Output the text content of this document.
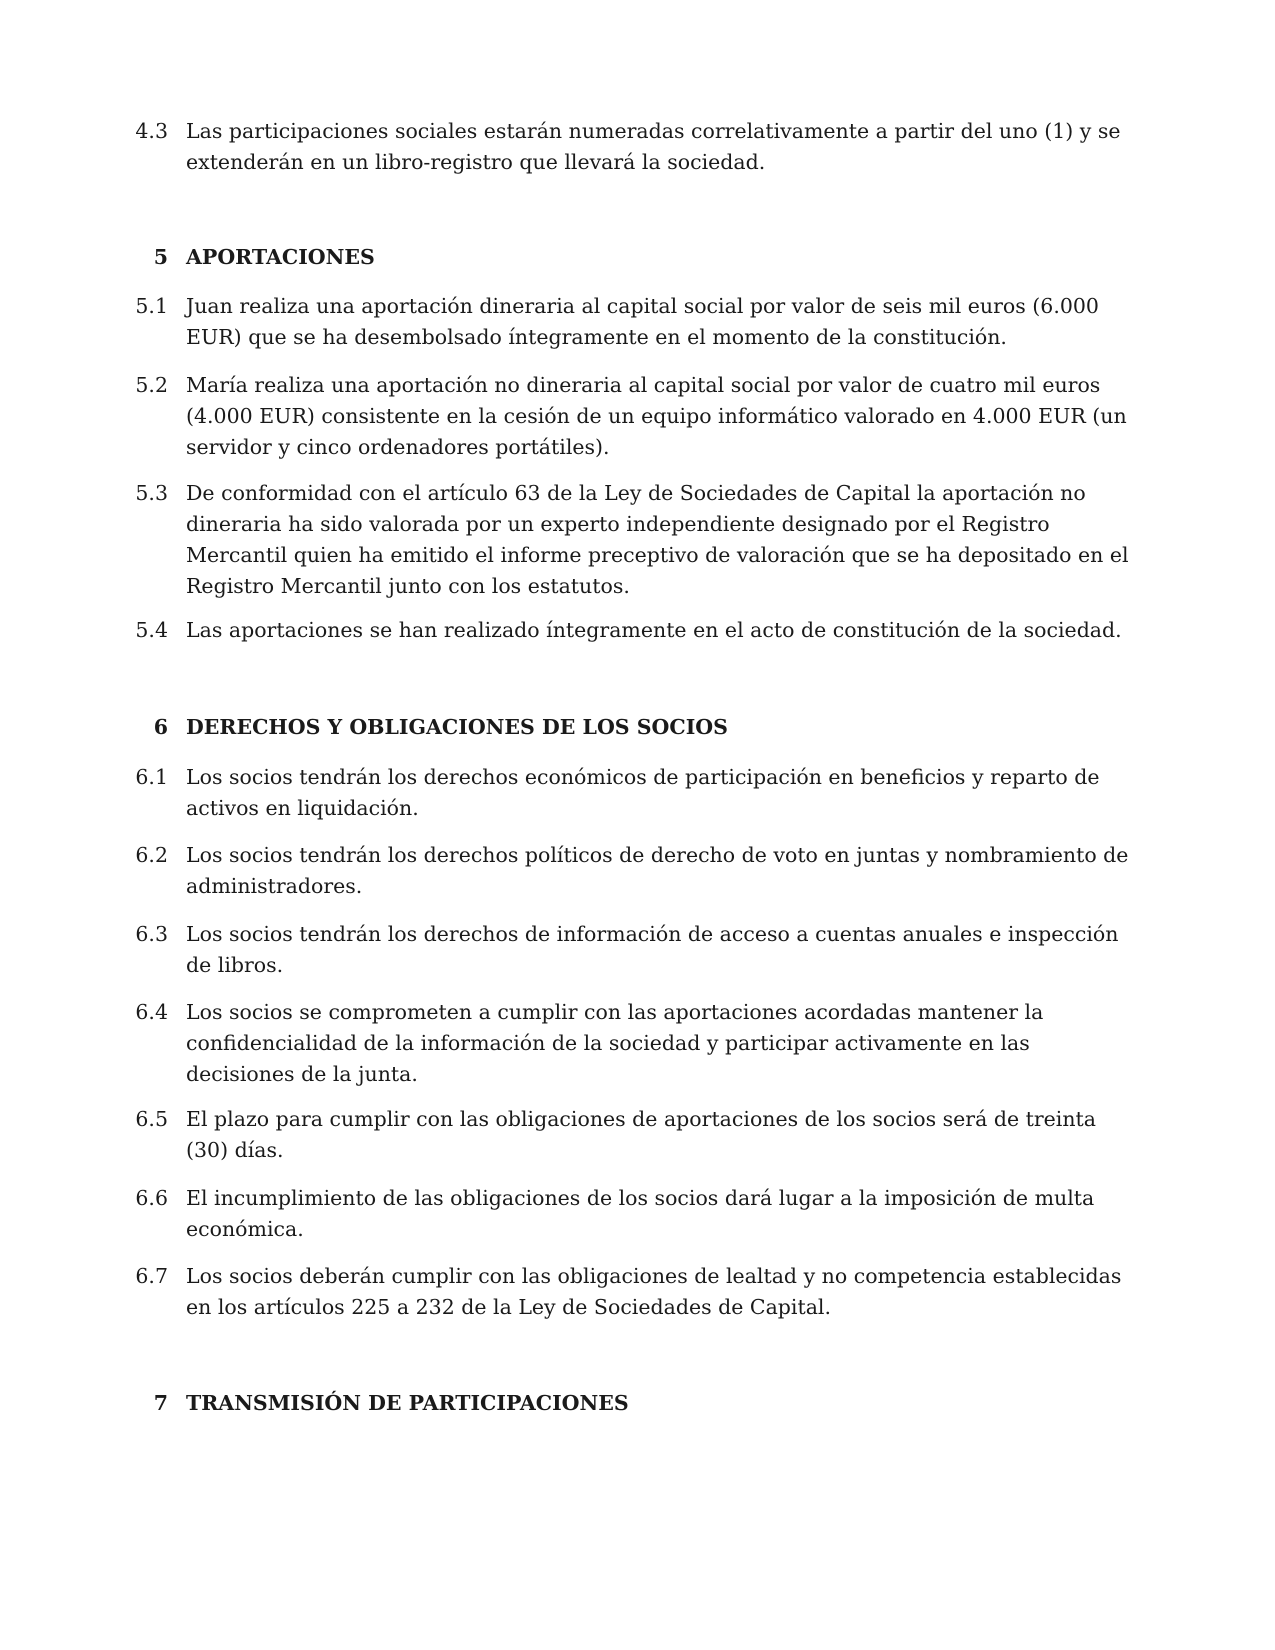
4.3 Las participaciones sociales estarán numeradas correlativamente a partir del uno (1) y se extenderán en un libro-registro que llevará la sociedad.
5 APORTACIONES
5.1 Juan realiza una aportación dineraria al capital social por valor de seis mil euros (6.000 EUR) que se ha desembolsado íntegramente en el momento de la constitución.
5.2 María realiza una aportación no dineraria al capital social por valor de cuatro mil euros (4.000 EUR) consistente en la cesión de un equipo informático valorado en 4.000 EUR (un servidor y cinco ordenadores portátiles).
5.3 De conformidad con el artículo 63 de la Ley de Sociedades de Capital la aportación no dineraria ha sido valorada por un experto independiente designado por el Registro Mercantil quien ha emitido el informe preceptivo de valoración que se ha depositado en el Registro Mercantil junto con los estatutos.
5.4 Las aportaciones se han realizado íntegramente en el acto de constitución de la sociedad.
6 DERECHOS Y OBLIGACIONES DE LOS SOCIOS
6.1 Los socios tendrán los derechos económicos de participación en beneficios y reparto de activos en liquidación.
6.2 Los socios tendrán los derechos políticos de derecho de voto en juntas y nombramiento de administradores.
6.3 Los socios tendrán los derechos de información de acceso a cuentas anuales e inspección de libros.
6.4 Los socios se comprometen a cumplir con las aportaciones acordadas mantener la confidencialidad de la información de la sociedad y participar activamente en las decisiones de la junta.
6.5 El plazo para cumplir con las obligaciones de aportaciones de los socios será de treinta (30) días.
6.6 El incumplimiento de las obligaciones de los socios dará lugar a la imposición de multa económica.
6.7 Los socios deberán cumplir con las obligaciones de lealtad y no competencia establecidas en los artículos 225 a 232 de la Ley de Sociedades de Capital.
7 TRANSMISIÓN DE PARTICIPACIONES
